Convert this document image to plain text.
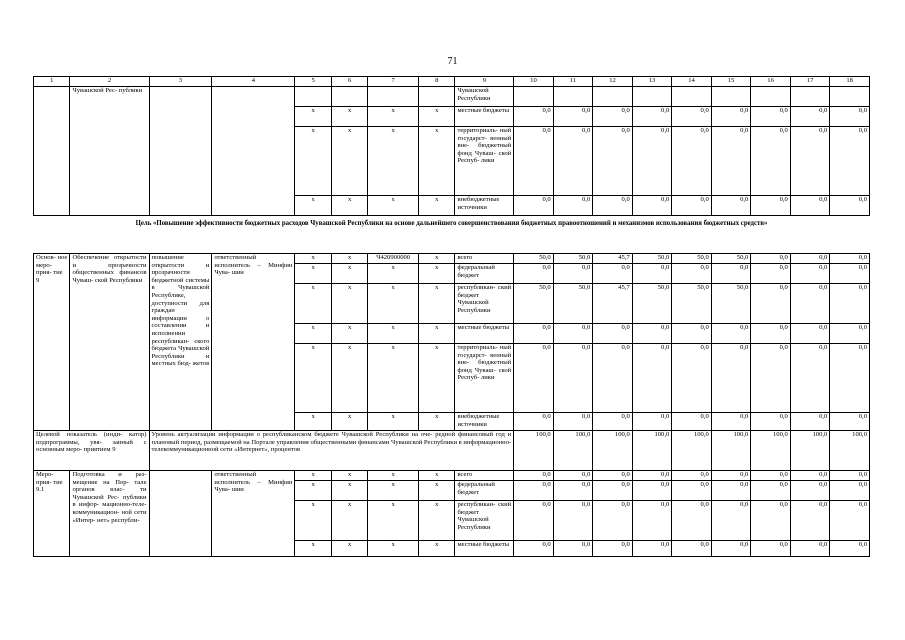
71
1	2	3	4	5	6	7	8	9	10	11	12	13	14	15	16	17	18
	Чувашской Рес- публики							Чувашской Республики									
				x	x	x	x	местные бюджеты	0,0	0,0	0,0	0,0	0,0	0,0	0,0	0,0	0,0
				x	x	x	x	территориаль- ный государст- венный вне- бюджетный фонд Чуваш- ской Респуб- лики	0,0	0,0	0,0	0,0	0,0	0,0	0,0	0,0	0,0
				x	x	x	x	внебюджетные источники	0,0	0,0	0,0	0,0	0,0	0,0	0,0	0,0	0,0
Цель «Повышение эффективности бюджетных расходов Чувашской Республики на основе дальнейшего совершенствования бюджетных правоотношений и механизмов использования бюджетных средств»																	
Основ- ное меро- прия- тие 9	Обеспечение открытости и прозрачности общественных финансов Чуваш- ской Республики	повышение открытости и прозрачности бюджетной системы в Чувашской Республике, доступности для граждан информации о составлении и исполнении республикан- ского бюджета Чувашской Республики и местных бюд- жетов	ответственный исполнитель – Минфин Чува- шии	x	x	Ч420900000	x	всего	50,0	50,0	45,7	50,0	50,0	50,0	0,0	0,0	0,0
				x	x	x	x	федеральный бюджет	0,0	0,0	0,0	0,0	0,0	0,0	0,0	0,0	0,0
				x	x	x	x	республикан- ский бюджет Чувашской Республики	50,0	50,0	45,7	50,0	50,0	50,0	0,0	0,0	0,0
				x	x	x	x	местные бюджеты	0,0	0,0	0,0	0,0	0,0	0,0	0,0	0,0	0,0
				x	x	x	x	территориаль- ный государст- венный вне- бюджетный фонд Чуваш- ской Респуб- лики	0,0	0,0	0,0	0,0	0,0	0,0	0,0	0,0	0,0
				x	x	x	x	внебюджетные источники	0,0	0,0	0,0	0,0	0,0	0,0	0,0	0,0	0,0
Целевой показатель (инди- катор) подпрограммы, увя- занный с основным меро- приятием 9		Уровень актуализации информации о республиканском бюджете Чувашской Республики на оче- редной финансовый год и плановый период, размещаемой на Портале управления общественными финансами Чувашской Республики в информационно-телекоммуникационной сети «Интернет», процентов							100,0	100,0	100,0	100,0	100,0	100,0	100,0	100,0	100,0
Меро- прия- тие 9.1	Подготовка и раз- мещение на Пор- тале органов влас- ти Чувашской Рес- публики в инфор- мационно-теле- коммуникацион- ной сети «Интер- нет» республи-		ответственный исполнитель – Минфин Чува- шии	x	x	x	x	всего	0,0	0,0	0,0	0,0	0,0	0,0	0,0	0,0	0,0
				x	x	x	x	федеральный бюджет	0,0	0,0	0,0	0,0	0,0	0,0	0,0	0,0	0,0
				x	x	x	x	республикан- ский бюджет Чувашской Республики	0,0	0,0	0,0	0,0	0,0	0,0	0,0	0,0	0,0
				x	x	x	x	местные бюджеты	0,0	0,0	0,0	0,0	0,0	0,0	0,0	0,0	0,0
